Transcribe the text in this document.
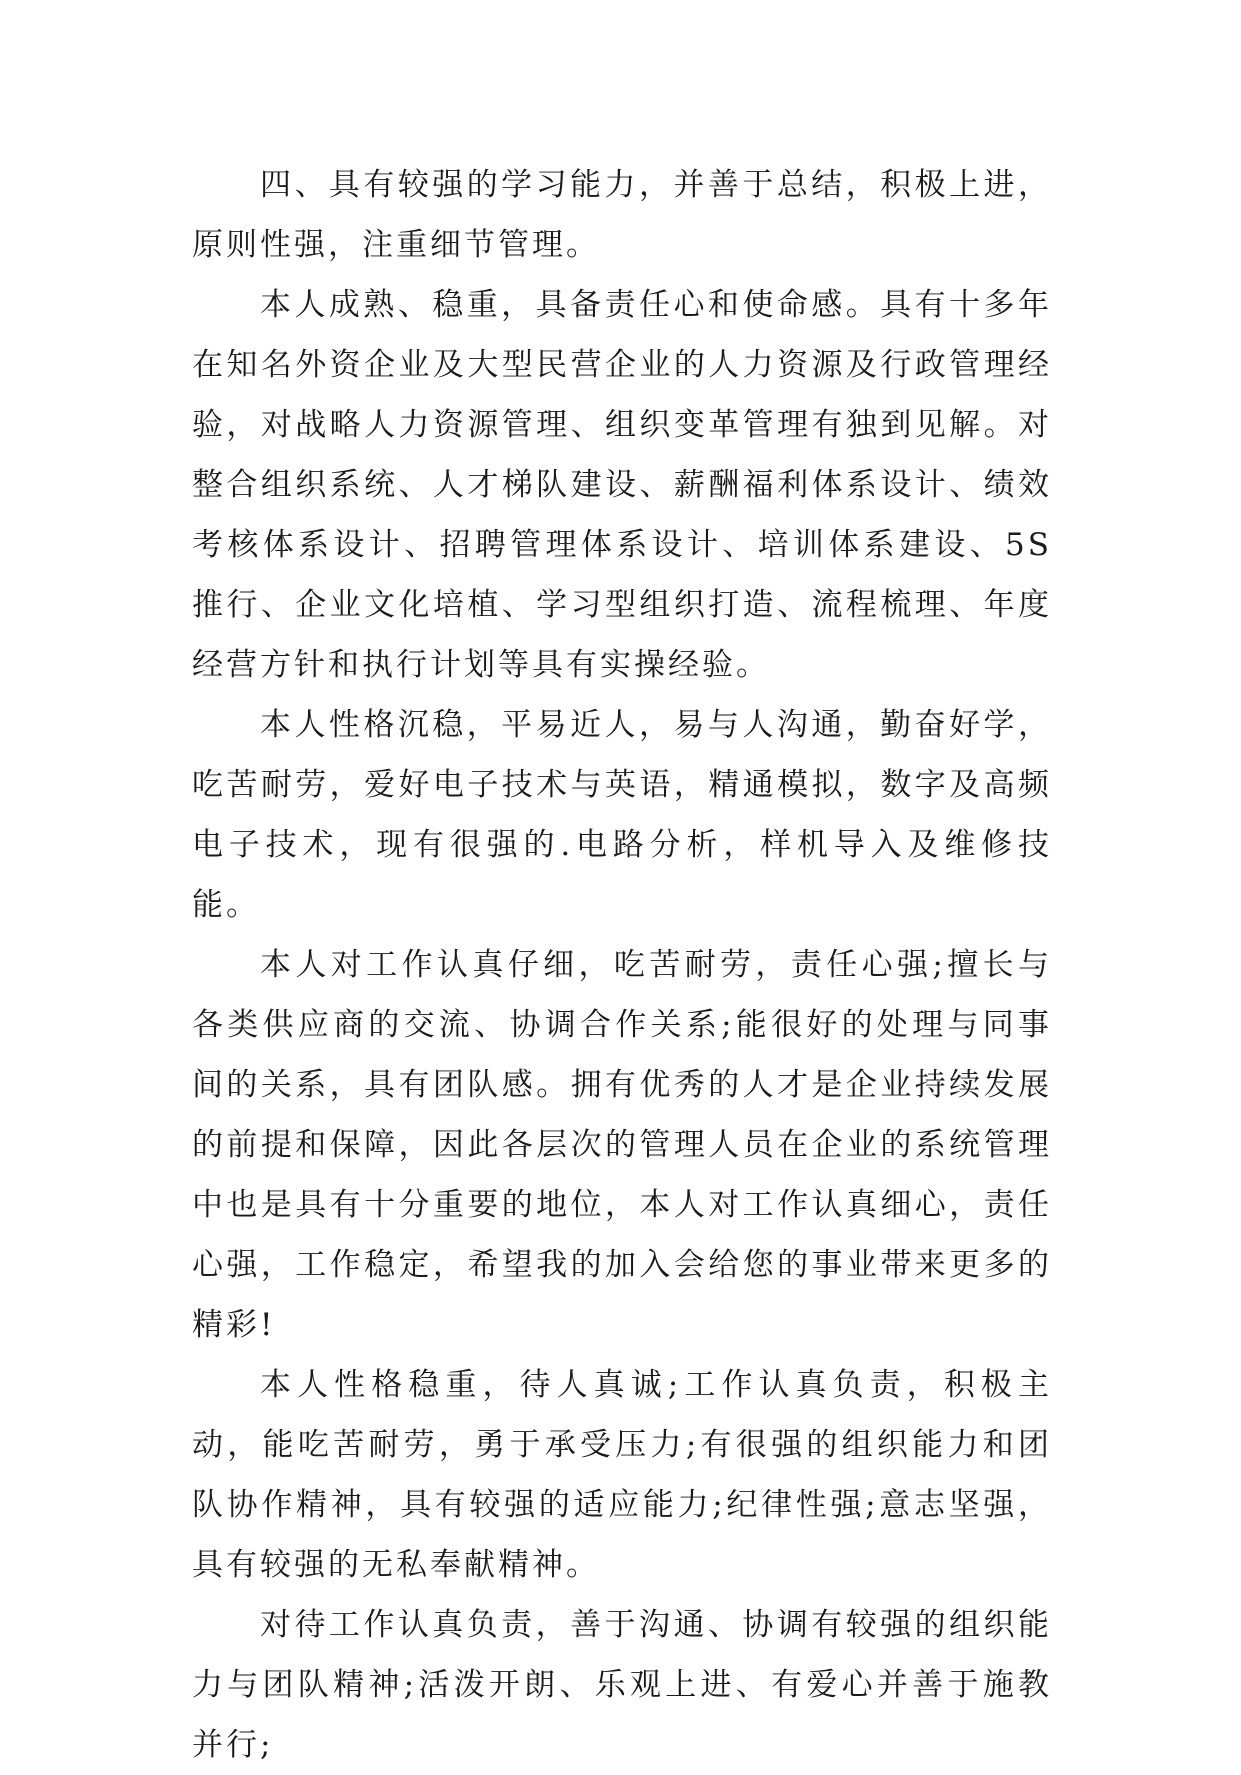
四、具有较强的学习能力，并善于总结，积极上进，原则性强，注重细节管理。

本人成熟、稳重，具备责任心和使命感。具有十多年在知名外资企业及大型民营企业的人力资源及行政管理经验，对战略人力资源管理、组织变革管理有独到见解。对整合组织系统、人才梯队建设、薪酬福利体系设计、绩效考核体系设计、招聘管理体系设计、培训体系建设、5S 推行、企业文化培植、学习型组织打造、流程梳理、年度经营方针和执行计划等具有实操经验。

本人性格沉稳，平易近人，易与人沟通，勤奋好学，吃苦耐劳，爱好电子技术与英语，精通模拟，数字及高频电子技术，现有很强的.电路分析，样机导入及维修技能。

本人对工作认真仔细，吃苦耐劳，责任心强;擅长与各类供应商的交流、协调合作关系;能很好的处理与同事间的关系，具有团队感。拥有优秀的人才是企业持续发展的前提和保障，因此各层次的管理人员在企业的系统管理中也是具有十分重要的地位，本人对工作认真细心，责任心强，工作稳定，希望我的加入会给您的事业带来更多的精彩!

本人性格稳重，待人真诚;工作认真负责，积极主动，能吃苦耐劳，勇于承受压力;有很强的组织能力和团队协作精神，具有较强的适应能力;纪律性强;意志坚强，具有较强的无私奉献精神。

对待工作认真负责，善于沟通、协调有较强的组织能力与团队精神;活泼开朗、乐观上进、有爱心并善于施教并行;
